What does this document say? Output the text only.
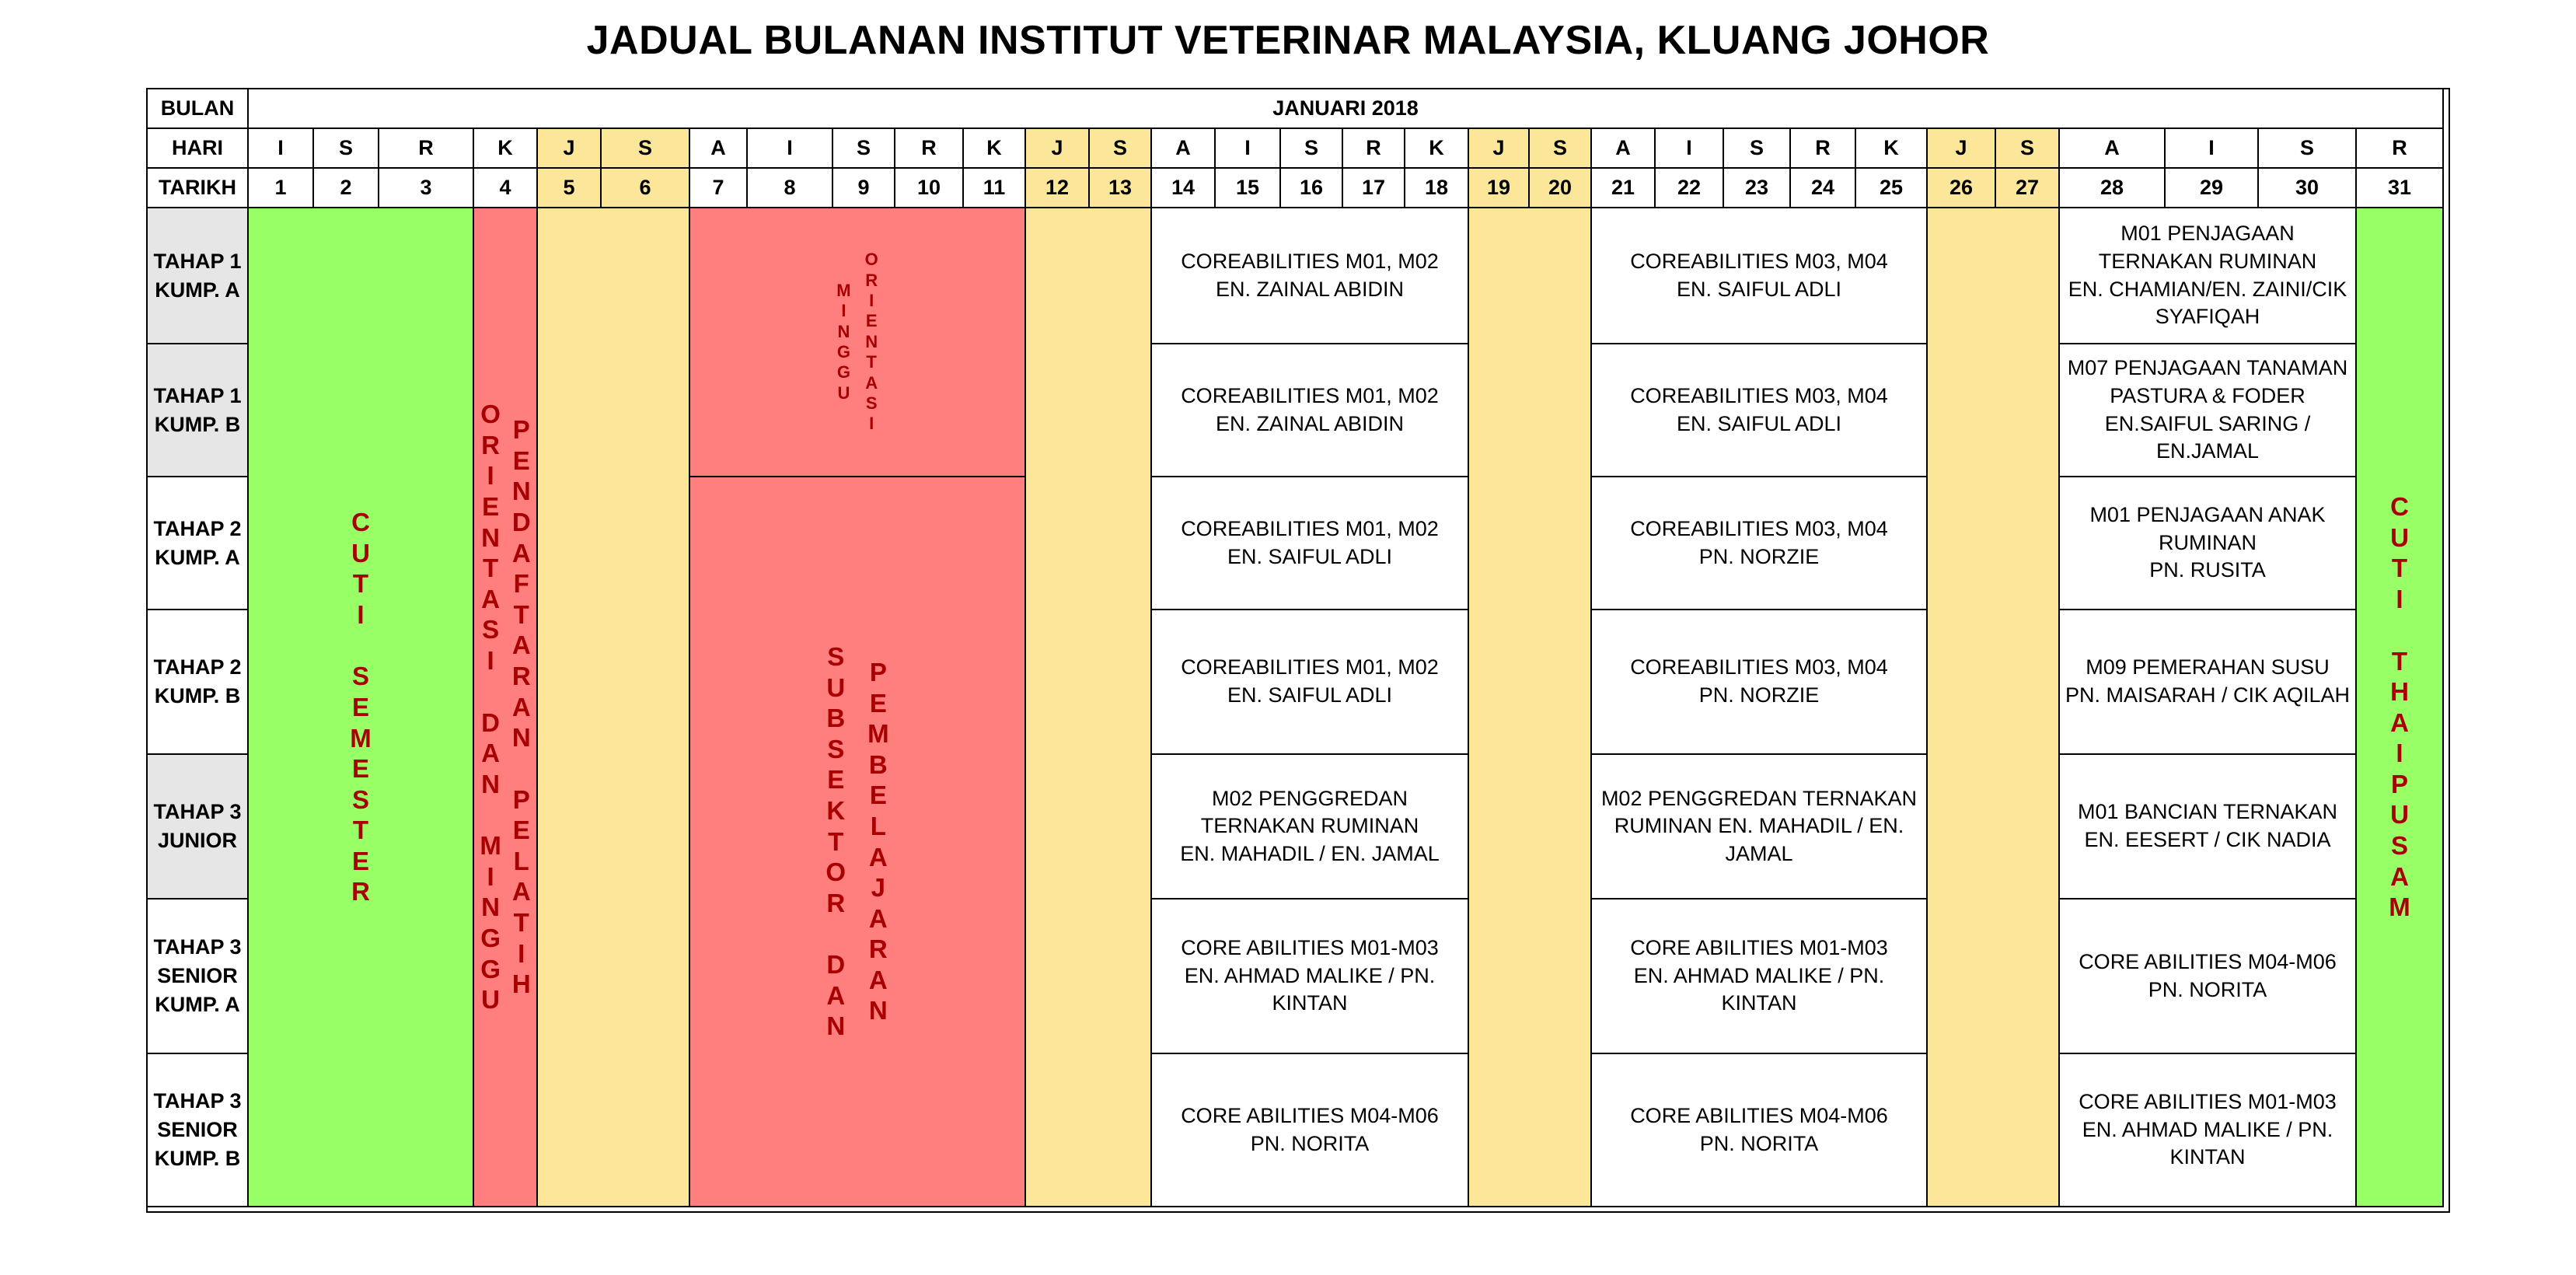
JADUAL BULANAN INSTITUT VETERINAR MALAYSIA, KLUANG JOHOR
BULAN	JANUARI 2018
HARI
TARIKH
I
1
S
2
R
3
K
4
J
5
S
6
A
7
I
8
S
9
R
10
K
11
J
12
S
13
A
14
I
15
S
16
R
17
K
18
J
19
S
20
A
21
I
22
S
23
R
24
K
25
J
26
S
27
A
28
I
29
S
30
R
31
TAHAP 1 KUMP. A
TAHAP 1 KUMP. B
TAHAP 2 KUMP. A
TAHAP 2 KUMP. B
TAHAP 3 JUNIOR
TAHAP 3 SENIOR KUMP. A
TAHAP 3 SENIOR KUMP. B
C
U
T
I
S
E
M
E
S
T
E
R
O
R
I
E
N
T
A
S
I
D
A
N
M
I
N
G
G
U
P
E
N
D
A
F
T
A
R
A
N
P
E
L
A
T
I
H
M
I
N
G
G
U
O
R
I
E
N
T
A
S
I
S
U
B
S
E
K
T
O
R
D
A
N
P
E
M
B
E
L
A
J
A
R
A
N
COREABILITIES M01, M02
EN. ZAINAL ABIDIN
COREABILITIES M01, M02
EN. ZAINAL ABIDIN
COREABILITIES M01, M02
EN. SAIFUL ADLI
COREABILITIES M01, M02
EN. SAIFUL ADLI
M02 PENGGREDAN TERNAKAN RUMINAN
EN. MAHADIL / EN. JAMAL
CORE ABILITIES M01-M03
EN. AHMAD MALIKE / PN. KINTAN
CORE ABILITIES M04-M06
PN. NORITA
COREABILITIES M03, M04
EN. SAIFUL ADLI
COREABILITIES M03, M04
EN. SAIFUL ADLI
COREABILITIES M03, M04
PN. NORZIE
COREABILITIES M03, M04
PN. NORZIE
M02 PENGGREDAN TERNAKAN RUMINAN EN. MAHADIL / EN. JAMAL
CORE ABILITIES M01-M03
EN. AHMAD MALIKE / PN. KINTAN
CORE ABILITIES M04-M06
PN. NORITA
M01 PENJAGAAN TERNAKAN RUMINAN
EN. CHAMIAN/EN. ZAINI/CIK SYAFIQAH
M07 PENJAGAAN TANAMAN PASTURA & FODER
EN.SAIFUL SARING / EN.JAMAL
M01 PENJAGAAN ANAK RUMINAN
PN. RUSITA
M09 PEMERAHAN SUSU
PN. MAISARAH / CIK AQILAH
M01 BANCIAN TERNAKAN EN. EESERT / CIK NADIA
CORE ABILITIES M04-M06
PN. NORITA
CORE ABILITIES M01-M03
EN. AHMAD MALIKE / PN. KINTAN
C
U
T
I
T
H
A
I
P
U
S
A
M
